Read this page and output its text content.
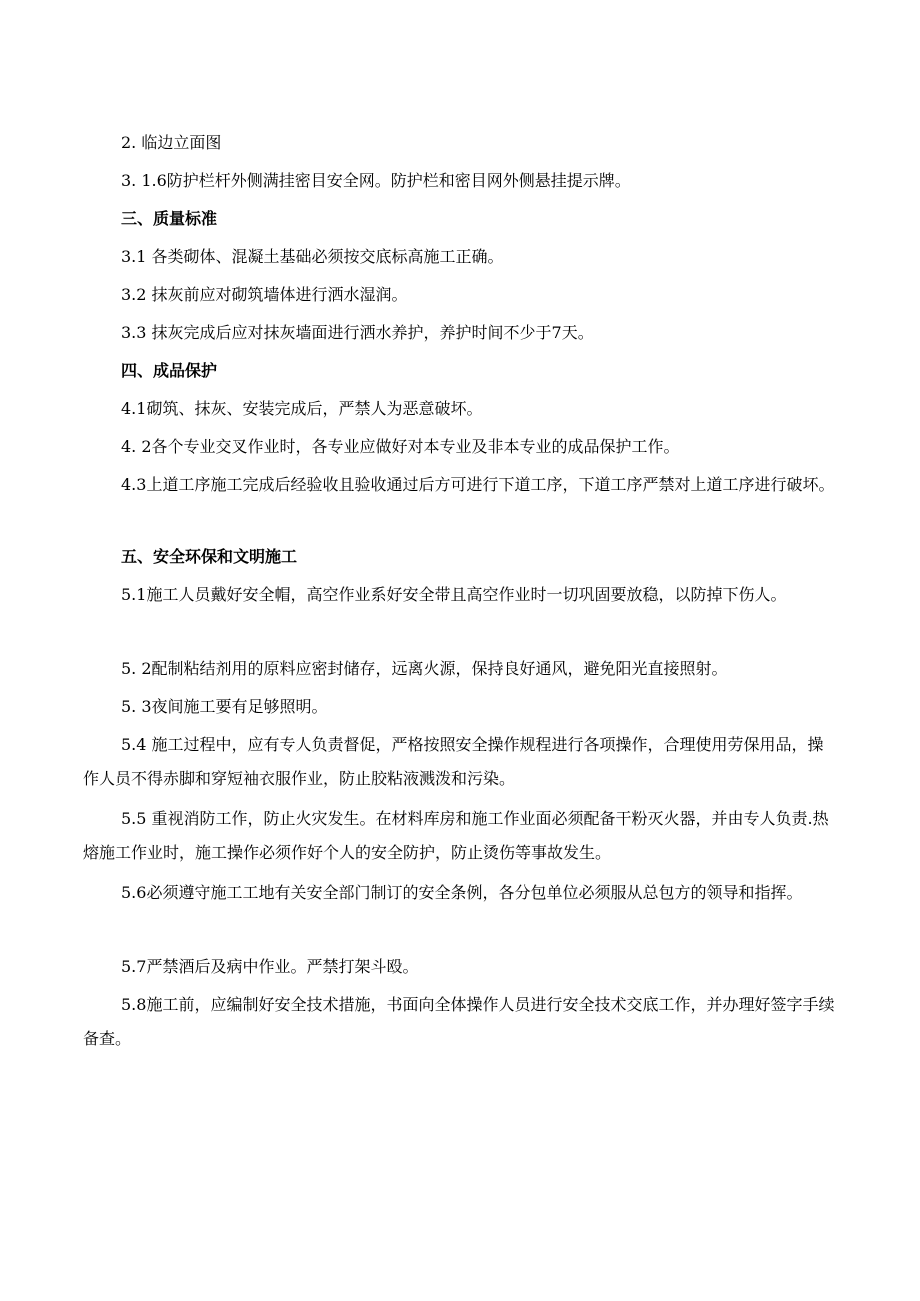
2. 临边立面图

3. 1.6防护栏杆外侧满挂密目安全网。防护栏和密目网外侧悬挂提示牌。

三、质量标准

3.1 各类砌体、混凝土基础必须按交底标高施工正确。

3.2 抹灰前应对砌筑墙体进行洒水湿润。

3.3 抹灰完成后应对抹灰墙面进行洒水养护，养护时间不少于7天。

四、成品保护

4.1砌筑、抹灰、安装完成后，严禁人为恶意破坏。

4. 2各个专业交叉作业时，各专业应做好对本专业及非本专业的成品保护工作。

4.3上道工序施工完成后经验收且验收通过后方可进行下道工序，下道工序严禁对上道工序进行破坏。

五、安全环保和文明施工

5.1施工人员戴好安全帽，高空作业系好安全带且高空作业时一切巩固要放稳，以防掉下伤人。

5. 2配制粘结剂用的原料应密封储存，远离火源，保持良好通风，避免阳光直接照射。

5. 3夜间施工要有足够照明。

5.4 施工过程中，应有专人负责督促，严格按照安全操作规程进行各项操作，合理使用劳保用品，操作人员不得赤脚和穿短袖衣服作业，防止胶粘液溅泼和污染。

5.5 重视消防工作，防止火灾发生。在材料库房和施工作业面必须配备干粉灭火器，并由专人负责.热熔施工作业时，施工操作必须作好个人的安全防护，防止烫伤等事故发生。

5.6必须遵守施工工地有关安全部门制订的安全条例，各分包单位必须服从总包方的领导和指挥。

5.7严禁酒后及病中作业。严禁打架斗殴。

5.8施工前，应编制好安全技术措施，书面向全体操作人员进行安全技术交底工作，并办理好签字手续备查。
